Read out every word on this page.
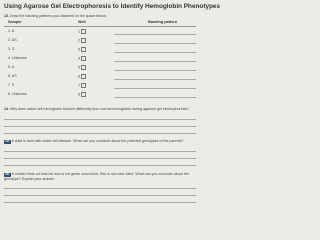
Using Agarose Gel Electrophoresis to Identify Hemoglobin Phenotypes
13. Draw the banding patterns you obtained on the space below.
Sample	Well	Banding pattern
1. A	1
2. AS	2
3. S	3
4. Unknown	4
5. A	5
6. AS	6
7. S	7
8. Unknown	8
14. Why does sickle cell hemoglobin behave differently from normal hemoglobin during agarose gel electrophoresis?
15. A child is born with sickle cell disease. What can you conclude about the potential genotypes of the parents?
16. A mother finds out that her son is not green color-blind. She is not color-blind. What can you conclude about her genotype? Explain your answer.
